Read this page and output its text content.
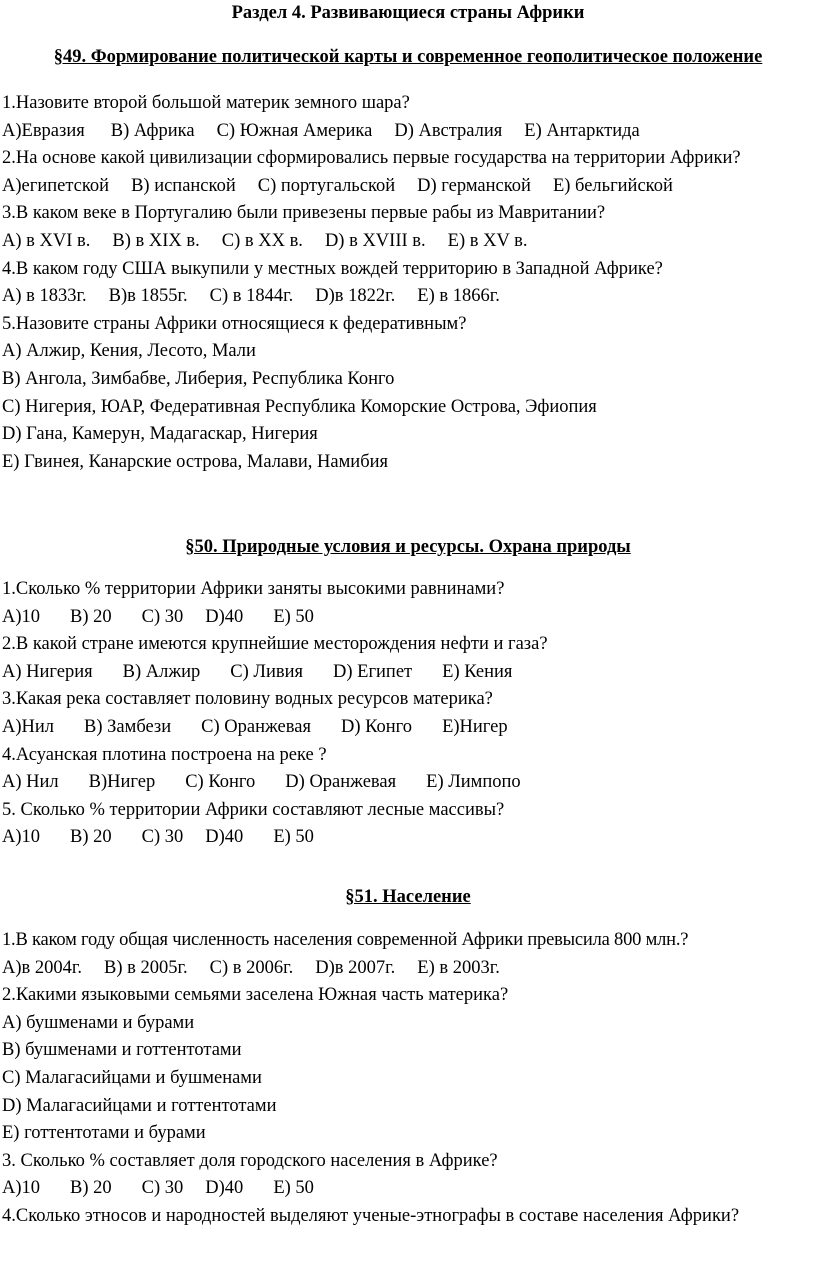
Раздел 4. Развивающиеся страны Африки
§49. Формирование политической карты и современное геополитическое положение

1.Назовите второй большой материк земного шара?

А)Евразия В) Африка С) Южная Америка D) Австралия Е) Антарктида

2.На основе какой цивилизации сформировались первые государства на территории Африки?

А)египетской В) испанской С) португальской D) германской Е) бельгийской

3.В каком веке в Португалию были привезены первые рабы из Мавритании?

А) в XVI в. В) в XIX в. С) в XX в. D) в XVIII в. Е) в XV в.

4.В каком году США выкупили у местных вождей территорию в Западной Африке?

А) в 1833г. В)в 1855г. С) в 1844г. D)в 1822г. Е) в 1866г.

5.Назовите страны Африки относящиеся к федеративным?

А) Алжир, Кения, Лесото, Мали

В) Ангола, Зимбабве, Либерия, Республика Конго

С) Нигерия, ЮАР, Федеративная Республика Коморские Острова, Эфиопия

D) Гана, Камерун, Мадагаскар, Нигерия

Е) Гвинея, Канарские острова, Малави, Намибия

§50. Природные условия и ресурсы. Охрана природы

1.Сколько % территории Африки заняты высокими равнинами?

А)10 В) 20 С) 30 D)40 Е) 50

2.В какой стране имеются крупнейшие месторождения нефти и газа?

А) Нигерия В) Алжир С) Ливия D) Египет Е) Кения

3.Какая река составляет половину водных ресурсов материка?

А)Нил В) Замбези С) Оранжевая D) Конго Е)Нигер

4.Асуанская плотина построена на реке ?

А) Нил В)Нигер С) Конго D) Оранжевая Е) Лимпопо

5. Сколько % территории Африки составляют лесные массивы?

А)10 В) 20 С) 30 D)40 Е) 50

§51. Население

1.В каком году общая численность населения современной Африки превысила 800 млн.?

А)в 2004г. В) в 2005г. С) в 2006г. D)в 2007г. Е) в 2003г.

2.Какими языковыми семьями заселена Южная часть материка?

А) бушменами и бурами

В) бушменами и готтентотами

С) Малагасийцами и бушменами

D) Малагасийцами и готтентотами

Е) готтентотами и бурами

3. Сколько % составляет доля городского населения в Африке?

А)10 В) 20 С) 30 D)40 Е) 50

4.Сколько этносов и народностей выделяют ученые-этнографы в составе населения Африки?
